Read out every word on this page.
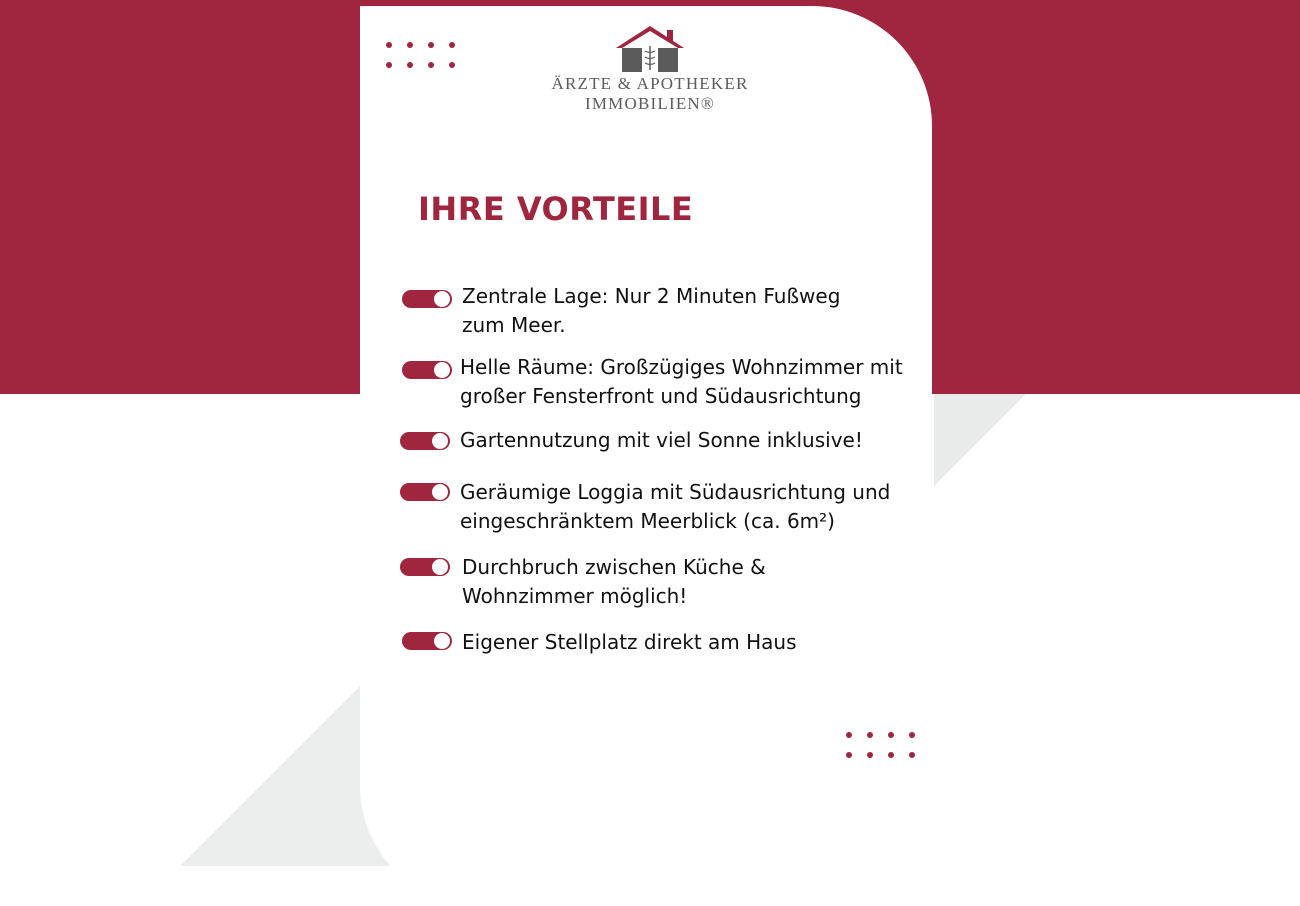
ÄRZTE & APOTHEKER
IMMOBILIEN®
IHRE VORTEILE
Zentrale Lage: Nur 2 Minuten Fußweg
zum Meer.
Helle Räume: Großzügiges Wohnzimmer mit
großer Fensterfront und Südausrichtung
Gartennutzung mit viel Sonne inklusive!
Geräumige Loggia mit Südausrichtung und
eingeschränktem Meerblick (ca. 6m²)
Durchbruch zwischen Küche &
Wohnzimmer möglich!
Eigener Stellplatz direkt am Haus
